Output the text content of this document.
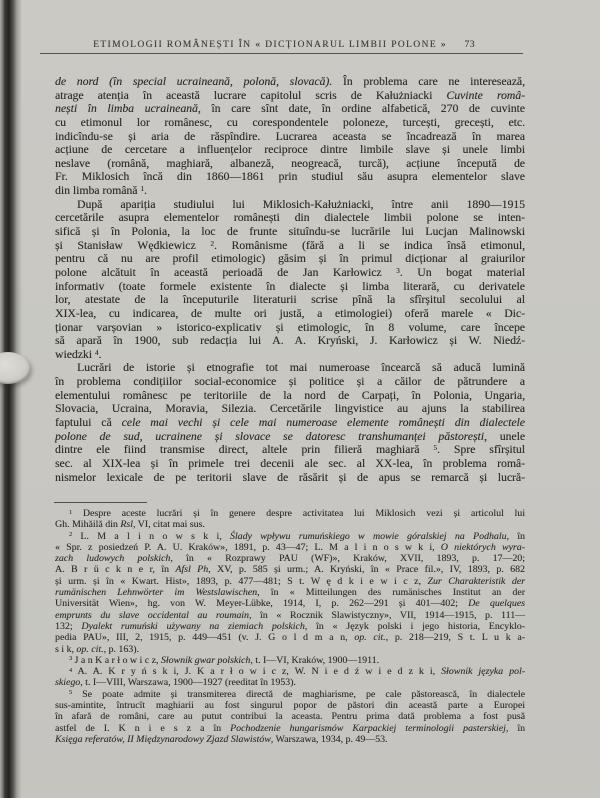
ETIMOLOGII ROMÂNEȘTI ÎN « DICȚIONARUL LIMBII POLONE »	73
de nord (în special ucraineană, polonă, slovacă). În problema care ne interesează,
atrage atenția în această lucrare capitolul scris de Kałużniacki Cuvinte româ-
nești în limba ucraineană, în care sînt date, în ordine alfabetică, 270 de cuvinte
cu etimonul lor românesc, cu corespondentele poloneze, turcești, grecești, etc.
indicîndu-se și aria de răspîndire. Lucrarea aceasta se încadrează în marea
acțiune de cercetare a influențelor reciproce dintre limbile slave și unele limbi
neslave (română, maghiară, albaneză, neogreacă, turcă), acțiune începută de
Fr. Miklosich încă din 1860—1861 prin studiul său asupra elementelor slave
din limba română $^1$.
După apariția studiului lui Miklosich-Kałużniacki, între anii 1890—1915
cercetările asupra elementelor românești din dialectele limbii polone se inten-
sifică și în Polonia, la loc de frunte situîndu-se lucrările lui Lucjan Malinowski
și Stanisław Wędkiewicz $^2$. Românisme (fără a li se indica însă etimonul,
pentru că nu are profil etimologic) găsim și în primul dicționar al graiurilor
polone alcătuit în această perioadă de Jan Karłowicz $^3$. Un bogat material
informativ (toate formele existente în dialecte și limba literară, cu derivatele
lor, atestate de la începuturile literaturii scrise pînă la sfîrșitul secolului al
XIX-lea, cu indicarea, de multe ori justă, a etimologiei) oferă marele « Dic-
ționar varșovian » istorico-explicativ și etimologic, în 8 volume, care începe
să apară în 1900, sub redacția lui A. A. Kryński, J. Karłowicz și W. Niedź-
wiedzki $^4$.
Lucrări de istorie și etnografie tot mai numeroase încearcă să aducă lumină
în problema condițiilor social-economice și politice și a căilor de pătrundere a
elementului românesc pe teritoriile de la nord de Carpați, în Polonia, Ungaria,
Slovacia, Ucraina, Moravia, Silezia. Cercetările lingvistice au ajuns la stabilirea
faptului că cele mai vechi și cele mai numeroase elemente românești din dialectele
polone de sud, ucrainene și slovace se datoresc transhumanței păstorești, unele
dintre ele fiind transmise direct, altele prin filieră maghiară $^5$. Spre sfîrșitul
sec. al XIX-lea și în primele trei decenii ale sec. al XX-lea, în problema româ-
nismelor lexicale de pe teritorii slave de răsărit și de apus se remarcă și lucră-
$^1$ Despre aceste lucrări și în genere despre activitatea lui Miklosich vezi și articolul lui
Gh. Mihăilă din Rsl, VI, citat mai sus.
$^2$ L. M a l i n o w s k i, Ślady wpływu rumuńskiego w mowie góralskiej na Podhalu, în
« Spr. z posiedzeń P. A. U. Kraków», 1891, p. 43—47; L. M a l i n o s w k i, O niektórych wyra-
zach ludowych polskich, în « Rozprawy PAU (WF)», Kraków, XVII, 1893, p. 17—20;
A. B r ü c k n e r, în Afsl Ph, XV, p. 585 și urm.; A. Kryński, în « Prace fil.», IV, 1893, p. 682
și urm. și în « Kwart. Hist», 1893, p. 477—481; S t. W ę d k i e w i c z, Zur Charakteristik der
rumänischen Lehnwörter im Westslawischen, în « Mitteilungen des rumänisches Institut an der
Universität Wien», hg. von W. Meyer-Lübke, 1914, I, p. 262—291 și 401—402; De quelques
emprunts du slave occidental au roumain, în « Rocznik Slawistyczny», VII, 1914—1915, p. 111—
132; Dyalekt rumuński używany na ziemiach polskich, în « Język polski i jego historia, Encyklo-
pedia PAU», III, 2, 1915, p. 449—451 (v. J. G o l d m a n, op. cit., p. 218—219, S t. L u k a-
s i k, op. cit., p. 163).
$^3$ J a n K a r ł o w i c z, Słownik gwar polskich, t. I—VI, Kraków, 1900—1911.
$^4$ A. A. K r y ń s k i, J. K a r ł o w i c z, W. N i e d ź w i e d z k i, Słownik języka pol-
skiego, t. I—VIII, Warszawa, 1900—1927 (reeditat în 1953).
$^5$ Se poate admite și transmiterea directă de maghiarisme, pe cale păstorească, în dialectele
sus-amintite, întrucît maghiarii au fost singurul popor de păstori din această parte a Europei
în afară de români, care au putut contribui la aceasta. Pentru prima dată problema a fost pusă
astfel de I. K n i e s z a în Pochodzenie hungarismów Karpackiej terminologii pasterskiej, în
Księga referatów, II Międzynarodowy Zjazd Slawistów, Warszawa, 1934, p. 49—53.
